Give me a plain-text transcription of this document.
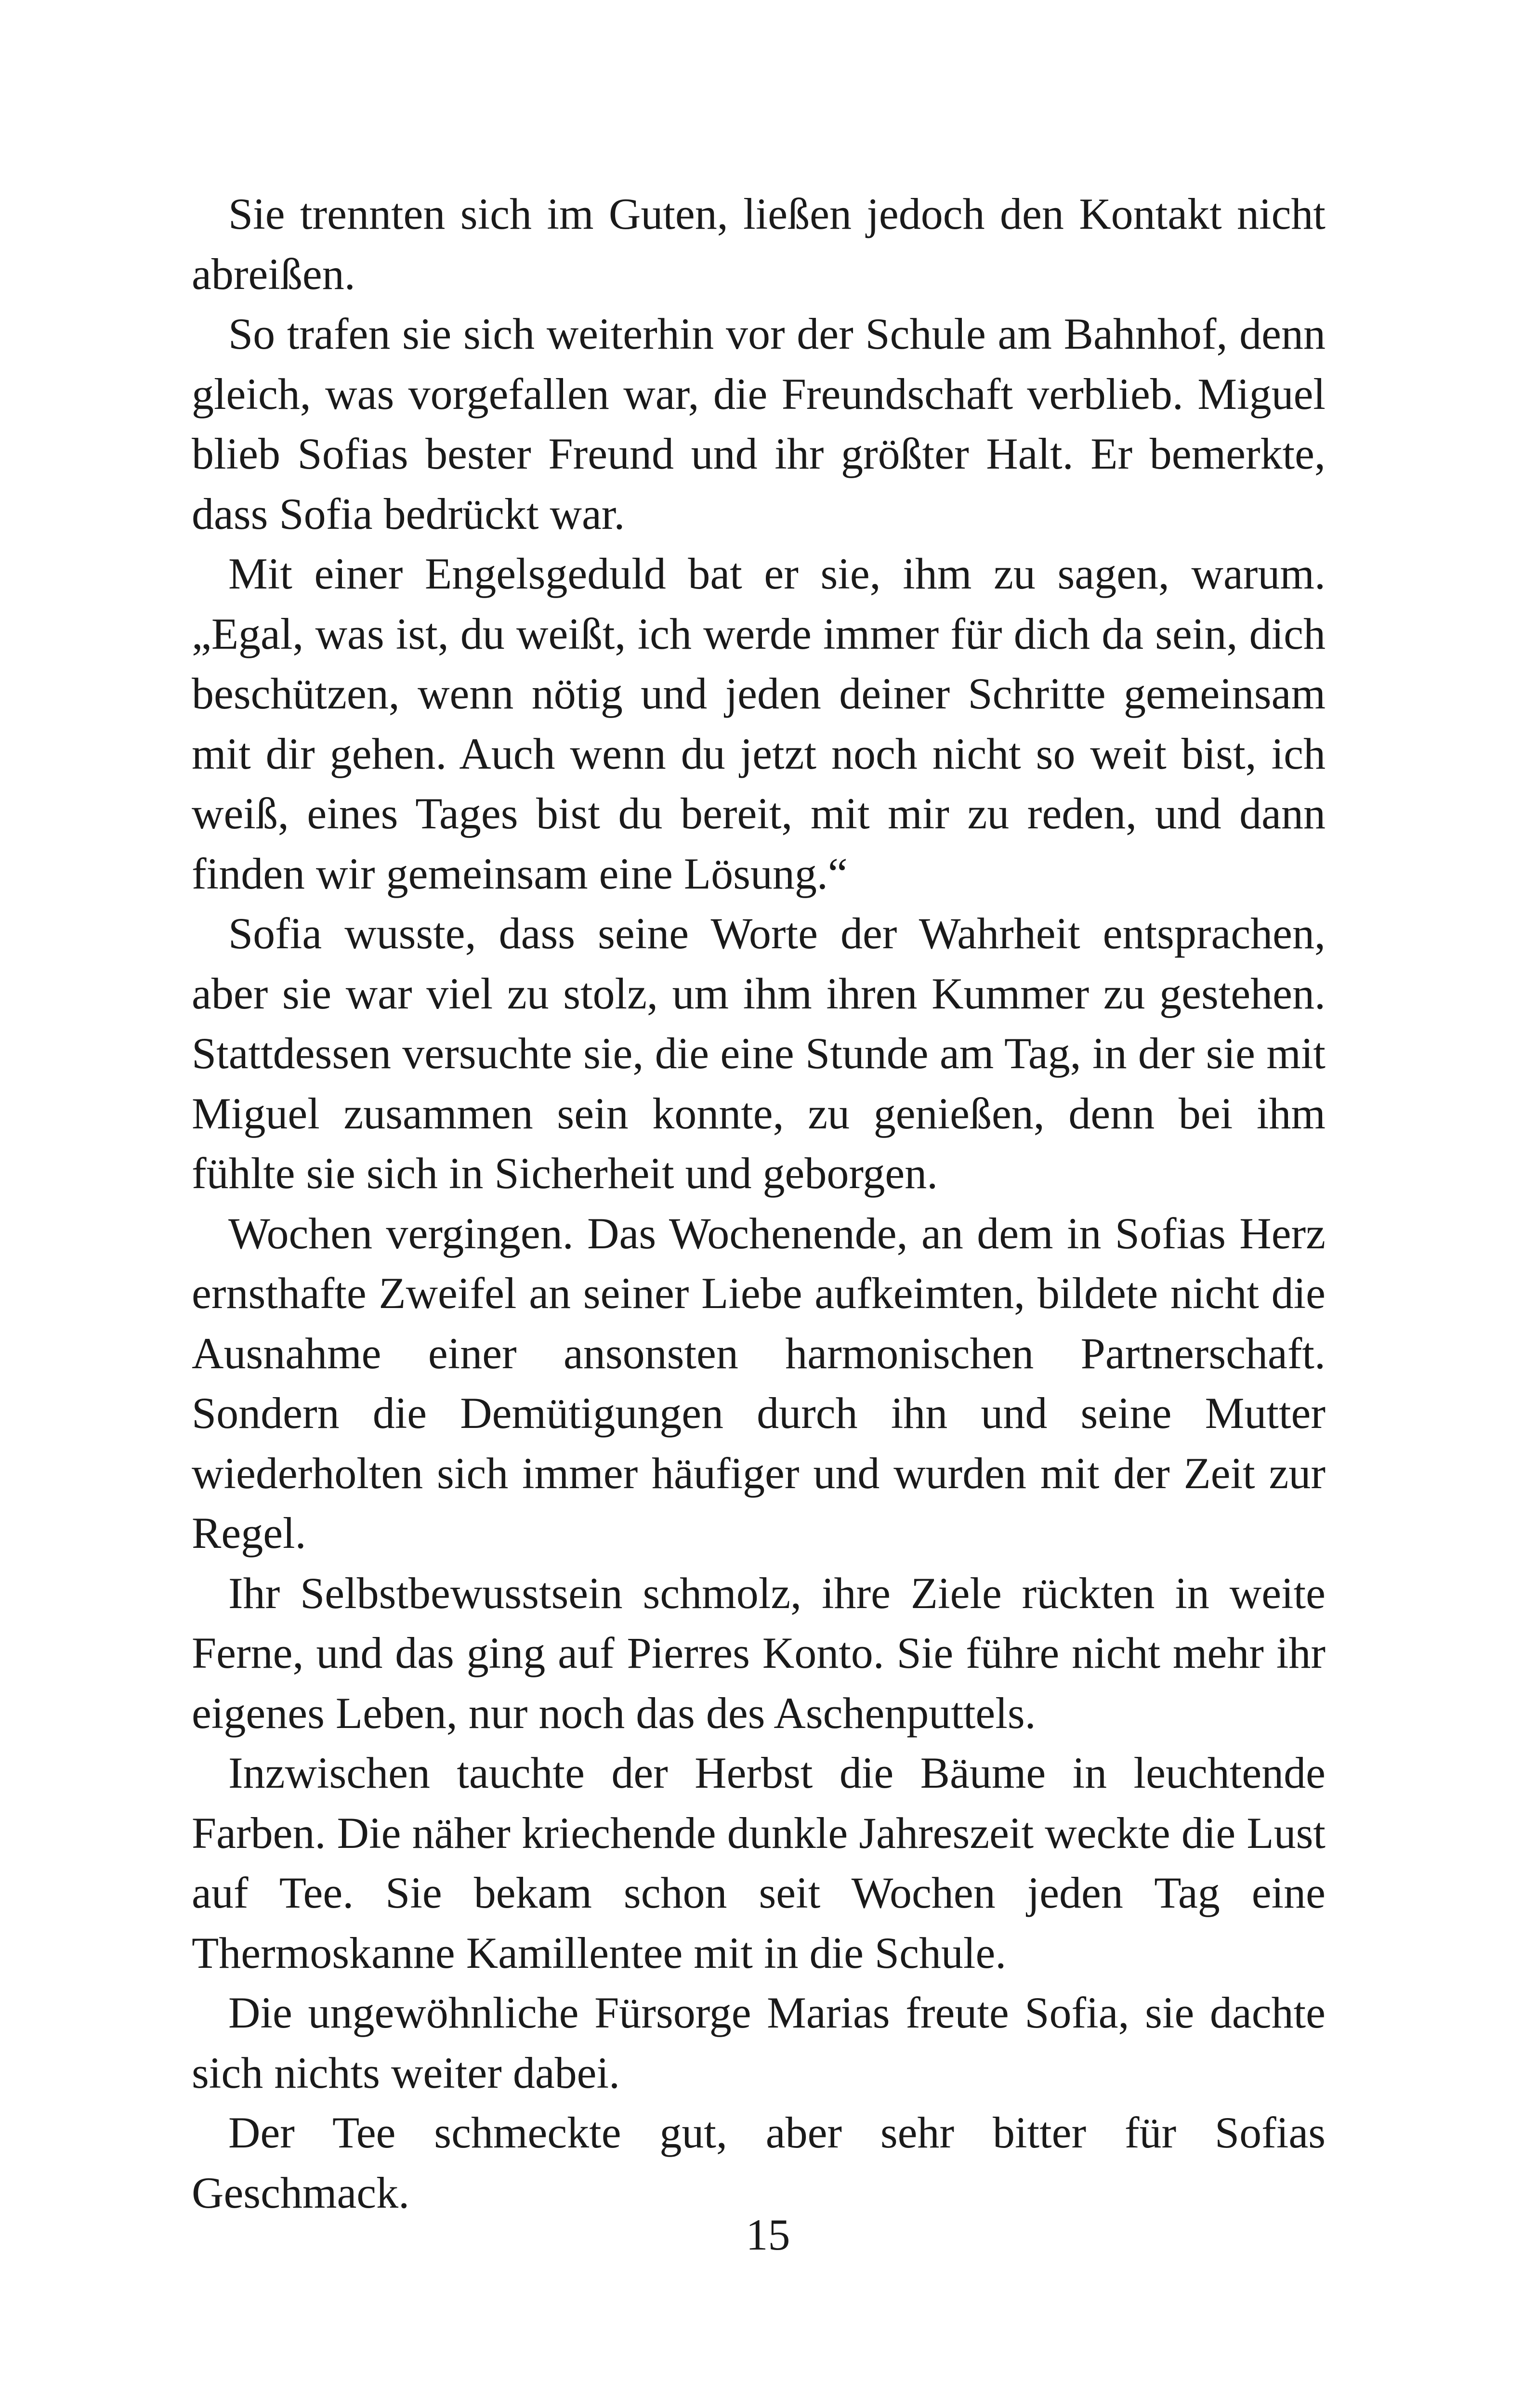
Sie trennten sich im Guten, ließen jedoch den Kontakt nicht abreißen.

So trafen sie sich weiterhin vor der Schule am Bahnhof, denn gleich, was vorgefallen war, die Freundschaft verblieb. Miguel blieb Sofias bester Freund und ihr größter Halt. Er bemerkte, dass Sofia bedrückt war.

Mit einer Engelsgeduld bat er sie, ihm zu sagen, warum. „Egal, was ist, du weißt, ich werde immer für dich da sein, dich beschützen, wenn nötig und jeden deiner Schritte gemeinsam mit dir gehen. Auch wenn du jetzt noch nicht so weit bist, ich weiß, eines Tages bist du bereit, mit mir zu reden, und dann finden wir gemeinsam eine Lösung.“

Sofia wusste, dass seine Worte der Wahrheit entsprachen, aber sie war viel zu stolz, um ihm ihren Kummer zu gestehen. Stattdessen versuchte sie, die eine Stunde am Tag, in der sie mit Miguel zusammen sein konnte, zu genießen, denn bei ihm fühlte sie sich in Sicherheit und geborgen.

Wochen vergingen. Das Wochenende, an dem in Sofias Herz ernsthafte Zweifel an seiner Liebe aufkeimten, bildete nicht die Ausnahme einer ansonsten harmonischen Partnerschaft. Sondern die Demütigungen durch ihn und seine Mutter wiederholten sich immer häufiger und wurden mit der Zeit zur Regel.

Ihr Selbstbewusstsein schmolz, ihre Ziele rückten in weite Ferne, und das ging auf Pierres Konto. Sie führe nicht mehr ihr eigenes Leben, nur noch das des Aschenputtels.

Inzwischen tauchte der Herbst die Bäume in leuchtende Farben. Die näher kriechende dunkle Jahreszeit weckte die Lust auf Tee. Sie bekam schon seit Wochen jeden Tag eine Thermoskanne Kamillentee mit in die Schule.

Die ungewöhnliche Fürsorge Marias freute Sofia, sie dachte sich nichts weiter dabei.

Der Tee schmeckte gut, aber sehr bitter für Sofias Geschmack.

15
